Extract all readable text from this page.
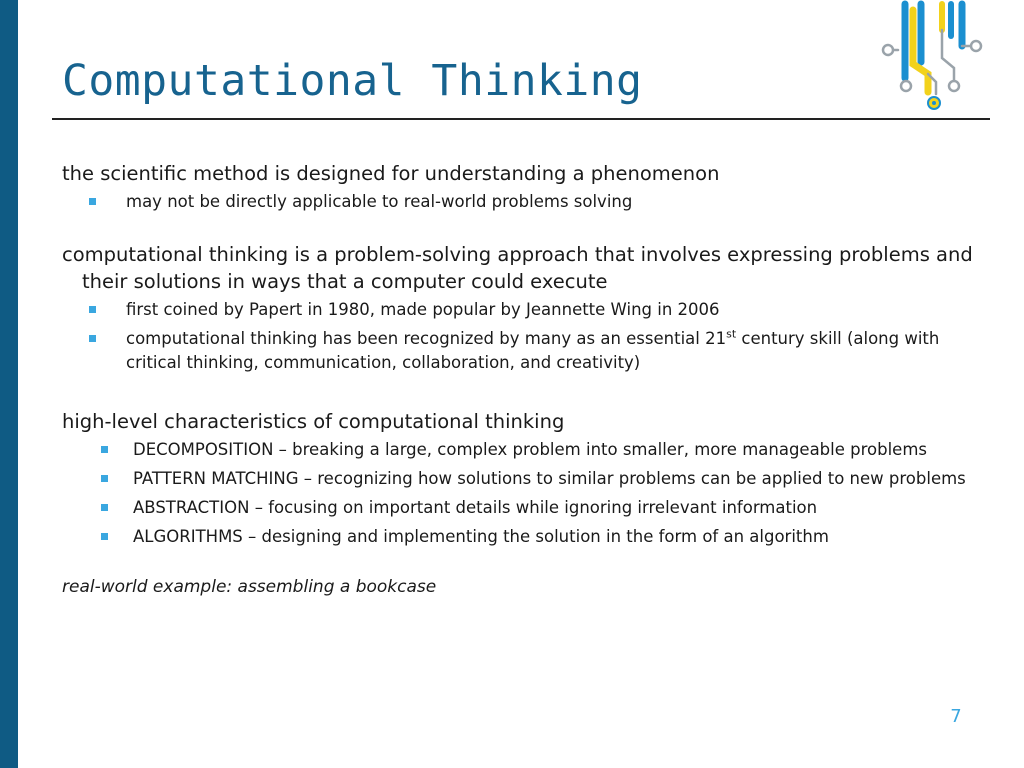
Computational Thinking

the scientific method is designed for understanding a phenomenon

may not be directly applicable to real-world problems solving

computational thinking is a problem-solving approach that involves expressing problems and their solutions in ways that a computer could execute

first coined by Papert in 1980, made popular by Jeannette Wing in 2006
computational thinking has been recognized by many as an essential 21st century skill (along with critical thinking, communication, collaboration, and creativity)

high-level characteristics of computational thinking

DECOMPOSITION – breaking a large, complex problem into smaller, more manageable problems
PATTERN MATCHING – recognizing how solutions to similar problems can be applied to new problems
ABSTRACTION – focusing on important details while ignoring irrelevant information
ALGORITHMS – designing and implementing the solution in the form of an algorithm

real-world example: assembling a bookcase

7
